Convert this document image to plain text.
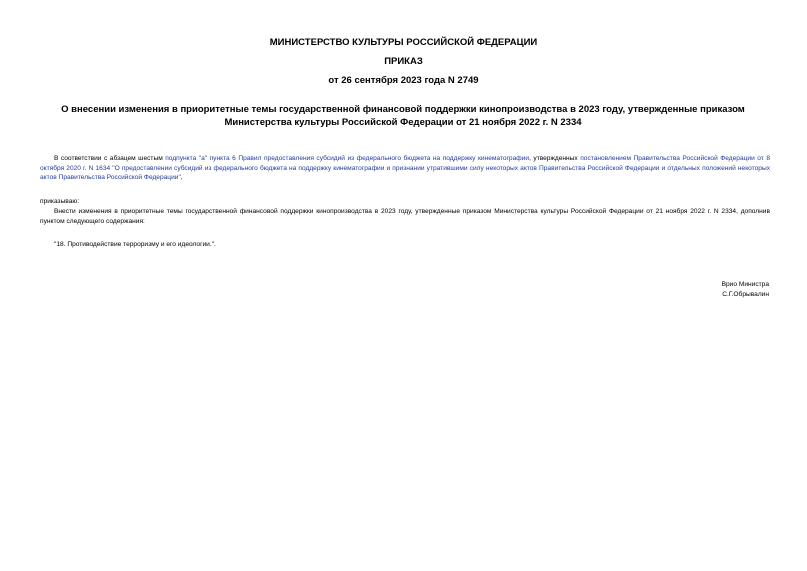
МИНИСТЕРСТВО КУЛЬТУРЫ РОССИЙСКОЙ ФЕДЕРАЦИИ
ПРИКАЗ
от 26 сентября 2023 года N 2749
О внесении изменения в приоритетные темы государственной финансовой поддержки кинопроизводства в 2023 году, утвержденные приказом Министерства культуры Российской Федерации от 21 ноября 2022 г. N 2334
В соответствии с абзацем шестым подпункта "а" пункта 6 Правил предоставления субсидий из федерального бюджета на поддержку кинематографии, утвержденных постановлением Правительства Российской Федерации от 8 октября 2020 г. N 1634 "О предоставлении субсидий из федерального бюджета на поддержку кинематографии и признании утратившими силу некоторых актов Правительства Российской Федерации и отдельных положений некоторых актов Правительства Российской Федерации",
приказываю:
Внести изменения в приоритетные темы государственной финансовой поддержки кинопроизводства в 2023 году, утвержденные приказом Министерства культуры Российской Федерации от 21 ноября 2022 г. N 2334, дополнив пунктом следующего содержания:
"18. Противодействие терроризму и его идеологии.".
Врио Министра
С.Г.Обрывалин
